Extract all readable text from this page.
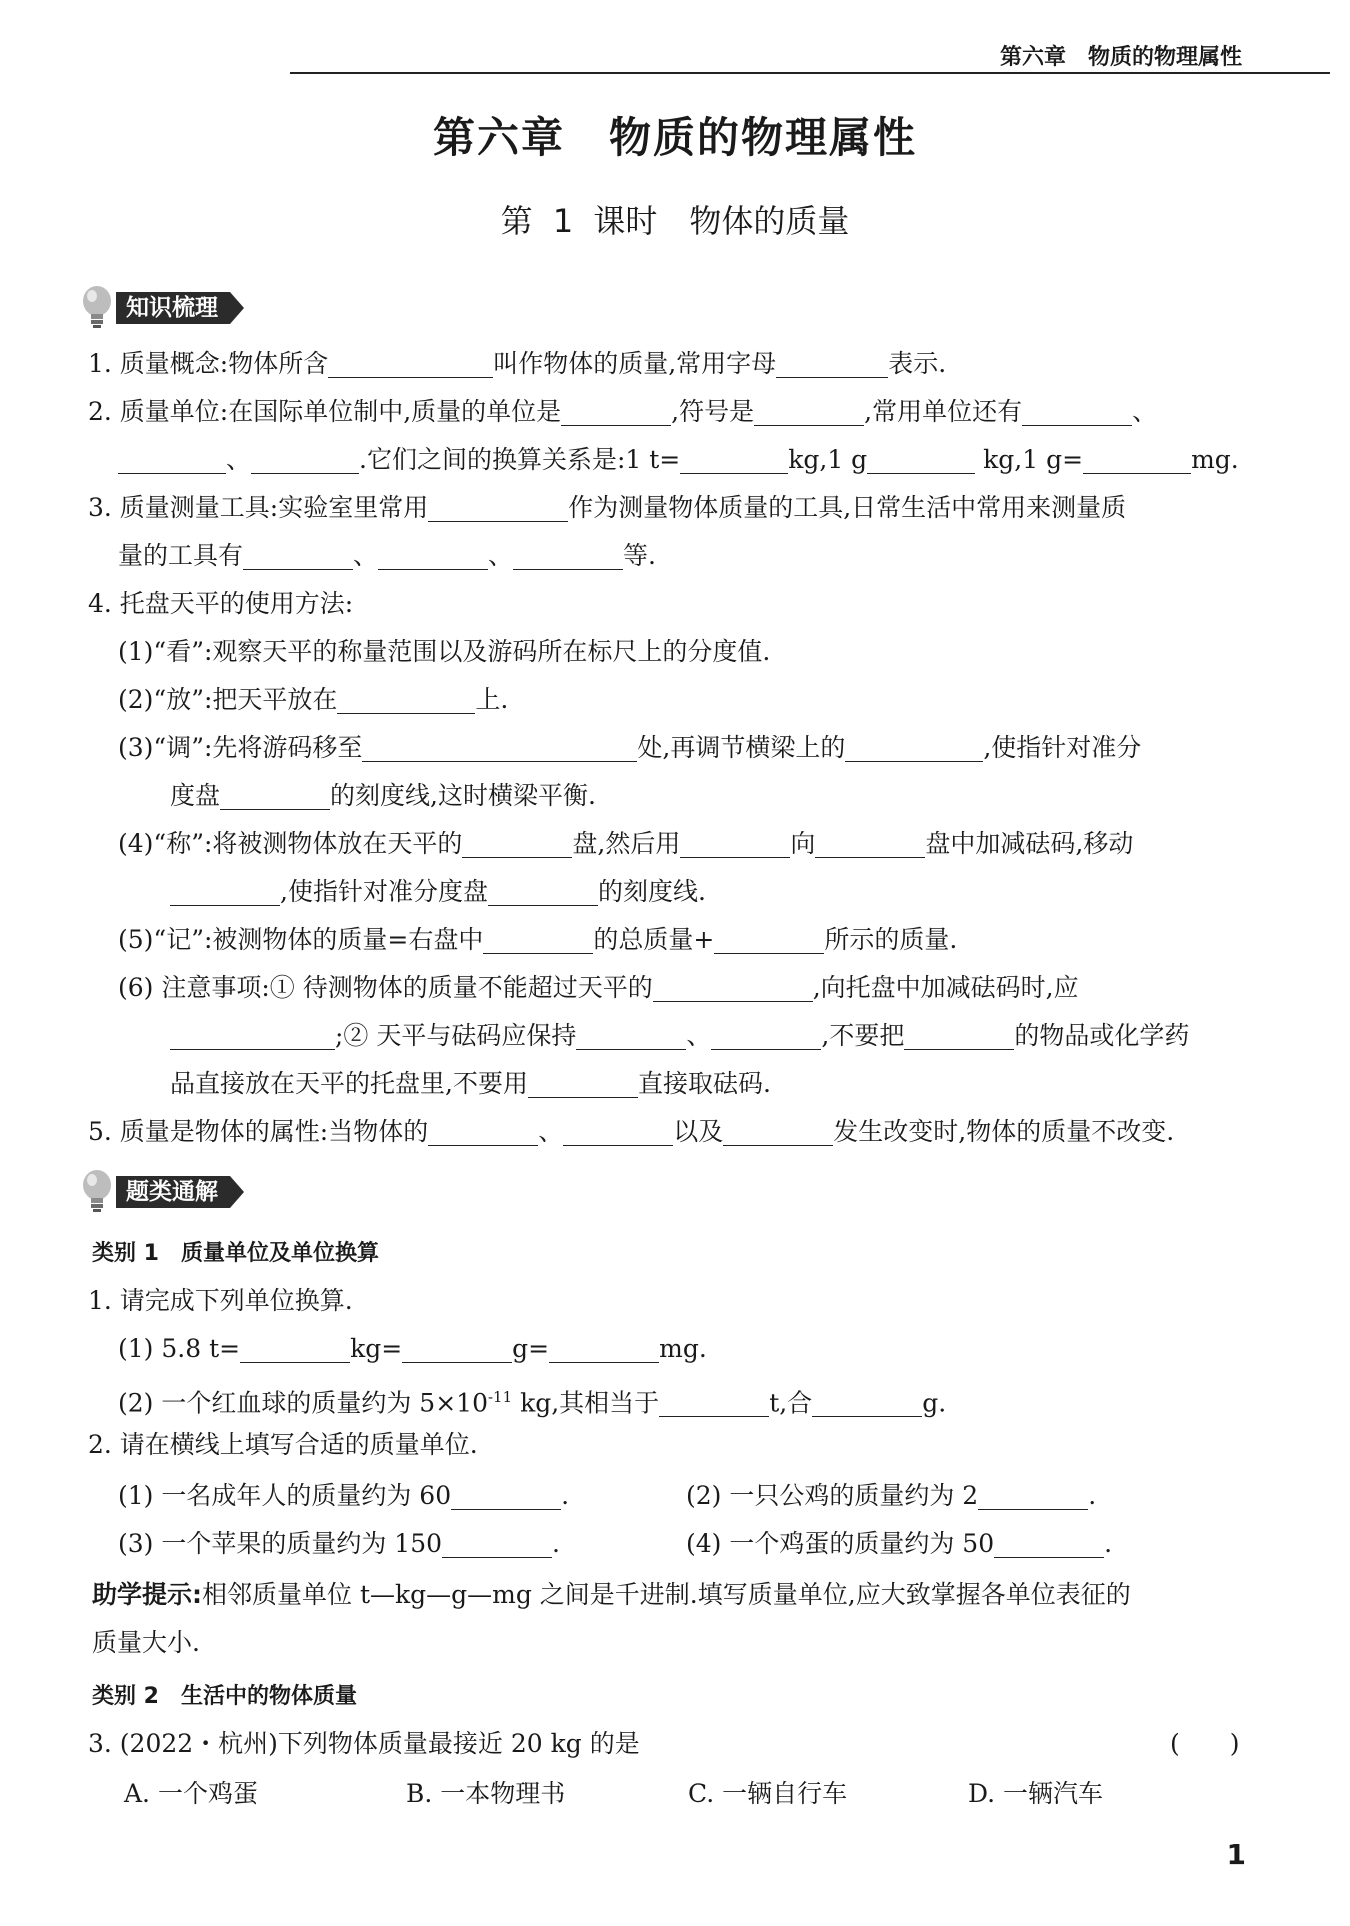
第六章　物质的物理属性
第六章　物质的物理属性
第 1 课时　物体的质量
知识梳理
1. 质量概念:物体所含	叫作物体的质量,常用字母	表示.
2. 质量单位:在国际单位制中,质量的单位是	,符号是	,常用单位还有	、
、	.它们之间的换算关系是:1 t=	kg,1 g	kg,1 g=	mg.
3. 质量测量工具:实验室里常用	作为测量物体质量的工具,日常生活中常用来测量质
量的工具有	、	、	等.
4. 托盘天平的使用方法:
(1)“看”:观察天平的称量范围以及游码所在标尺上的分度值.
(2)“放”:把天平放在	上.
(3)“调”:先将游码移至	处,再调节横梁上的	,使指针对准分
度盘	的刻度线,这时横梁平衡.
(4)“称”:将被测物体放在天平的	盘,然后用	向	盘中加减砝码,移动
,使指针对准分度盘	的刻度线.
(5)“记”:被测物体的质量=右盘中	的总质量+	所示的质量.
(6) 注意事项:① 待测物体的质量不能超过天平的	,向托盘中加减砝码时,应
;② 天平与砝码应保持	、	,不要把	的物品或化学药
品直接放在天平的托盘里,不要用	直接取砝码.
5. 质量是物体的属性:当物体的	、	以及	发生改变时,物体的质量不改变.
题类通解
类别 1　质量单位及单位换算
1. 请完成下列单位换算.
(1) 5.8 t=	kg=	g=	mg.
(2) 一个红血球的质量约为 $5\times 10^{-11}$ kg,其相当于	t,合	g.
2. 请在横线上填写合适的质量单位.
(1) 一名成年人的质量约为 60	.	(2) 一只公鸡的质量约为 2	.
(3) 一个苹果的质量约为 150	.	(4) 一个鸡蛋的质量约为 50	.
助学提示:相邻质量单位 t—kg—g—mg 之间是千进制.填写质量单位,应大致掌握各单位表征的
质量大小.
类别 2　生活中的物体质量
3. (2022・杭州)下列物体质量最接近 20 kg 的是	(　　)
A. 一个鸡蛋	B. 一本物理书	C. 一辆自行车	D. 一辆汽车
1
